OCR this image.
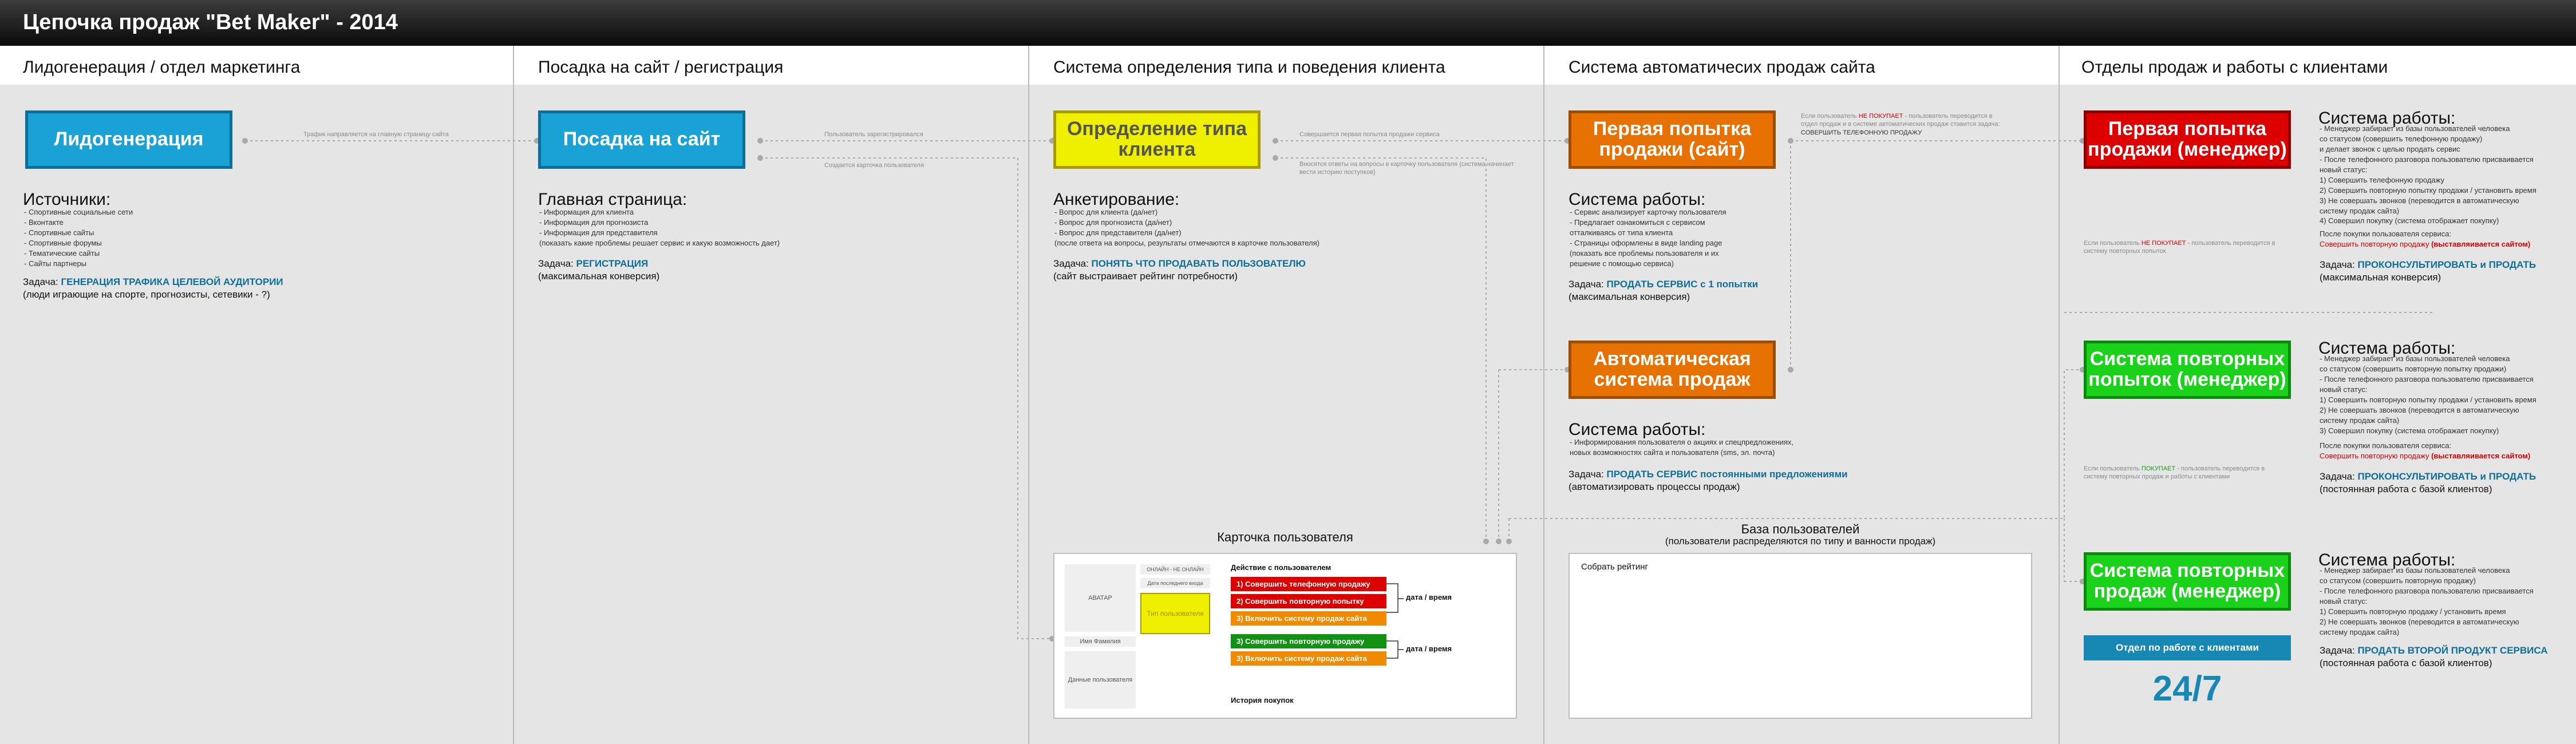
Цепочка продаж "Bet Maker" - 2014
Лидогенерация / отдел маркетинга	Посадка на сайт / регистрация	Система определения типа и поведения клиента	Система автоматичесих продаж сайта	Отделы продаж и работы с клиентами
Трафик направляется на главную страницу сайта	Пользователь зарегистрировался
Создается карточка пользователя
Совершается первая попытка продажи сервиса
Вносятся ответы на вопросы в карточку пользователя (система начинает вести историю поступков)
Если пользователь НЕ ПОКУПАЕТ - пользователь переводится в отдел продаж и в системе автоматических продаж ставится задача: СОВЕРШИТЬ ТЕЛЕФОННУЮ ПРОДАЖУ
Если пользователь НЕ ПОКУПАЕТ - пользователь переводится в систему повторных попыток
Если пользователь ПОКУПАЕТ - пользователь переводится в систему повторных продаж и работы с клиентами
Лидогенерация
Источники:
- Спортивные социальные сети
- Вконтакте
- Спортивные сайты
- Спортивные форумы
- Тематические сайты
- Сайты партнеры
Задача: ГЕНЕРАЦИЯ ТРАФИКА ЦЕЛЕВОЙ АУДИТОРИИ
(люди играющие на спорте, прогнозисты, сетевики - ?)
Посадка на сайт
Главная страница:
- Информация для клиента
- Информация для прогнозиста
- Информация для представителя
(показать какие проблемы решает сервис и какую возможность дает)
Задача: РЕГИСТРАЦИЯ
(максимальная конверсия)
Определение типа клиента
Анкетирование:
- Вопрос для клиента (да/нет)
- Вопрос для прогнозиста (да/нет)
- Вопрос для представителя (да/нет)
(после ответа на вопросы, результаты отмечаются в карточке пользователя)
Задача: ПОНЯТЬ ЧТО ПРОДАВАТЬ ПОЛЬЗОВАТЕЛЮ
(сайт выстраивает рейтинг потребности)
Карточка пользователя
АВАТАР
Имя Фамилия
Данные пользователя
ОНЛАЙН - НЕ ОНЛАЙН
Дата последнего входа
Тип пользователя
Действие с пользователем
1) Совершить телефонную продажу
2) Совершить повторную попытку
3) Включить систему продаж сайта
3) Совершить повторную продажу
3) Включить систему продаж сайта
дата / время
дата / время
История покупок
Первая попытка продажи (сайт)
Система работы:
- Сервис анализирует карточку пользователя
- Предлагает ознакомиться с сервисом
отталкиваясь от типа клиента
- Страницы оформлены в виде landing page
(показать все проблемы пользователя и их
решение с помощью сервиса)
Задача: ПРОДАТЬ СЕРВИС с 1 попытки
(максимальная конверсия)
Автоматическая система продаж
Система работы:
- Информирования пользователя о акциях и спецпредложениях,
новых возможностях сайта и пользователя (sms, эл. почта)
Задача: ПРОДАТЬ СЕРВИС постоянными предложениями
(автоматизировать процессы продаж)
База пользователей
(пользователи распределяются по типу и ванности продаж)
Собрать рейтинг
Первая попытка продажи (менеджер)
Система работы:
- Менеджер забирает из базы пользователей человека
со статусом (совершить телефонную продажу)
и делает звонок с целью продать сервис
- После телефонного разговора пользователю присваивается
новый статус:
1) Совершить телефонную продажу
2) Совершить повторную попытку продажи / установить время
3) Не совершать звонков (переводится в автоматическую
систему продаж сайта)
4) Совершил покупку (система отображает покупку)
После покупки пользователя сервиса:
Совершить повторную продажу (выставляивается сайтом)
Задача: ПРОКОНСУЛЬТИРОВАТЬ и ПРОДАТЬ
(максимальная конверсия)
Система повторных попыток (менеджер)
Система работы:
- Менеджер забирает из базы пользователей человека
со статусом (совершить повторную попытку продажи)
- После телефонного разговора пользователю присваивается
новый статус:
1) Совершить повторную попытку продажи / установить время
2) Не совершать звонков (переводится в автоматическую
систему продаж сайта)
3) Совершил покупку (система отображает покупку)
После покупки пользователя сервиса:
Совершить повторную продажу (выставляивается сайтом)
Задача: ПРОКОНСУЛЬТИРОВАТЬ и ПРОДАТЬ
(постоянная работа с базой клиентов)
Система повторных продаж (менеджер)
Система работы:
- Менеджер забирает из базы пользователей человека
со статусом (совершить повторную продажу)
- После телефонного разговора пользователю присваивается
новый статус:
1) Совершить повторную продажу / установить время
2) Не совершать звонков (переводится в автоматическую
систему продаж сайта)
Задача: ПРОДАТЬ ВТОРОЙ ПРОДУКТ СЕРВИСА
(постоянная работа с базой клиентов)
Отдел по работе с клиентами
24/7
